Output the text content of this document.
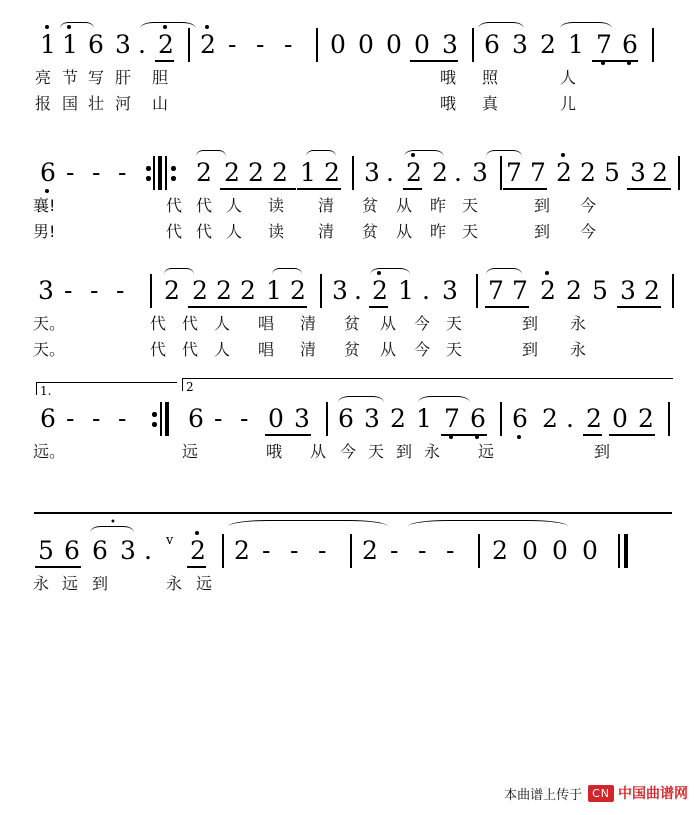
1 1 6 3 . 2 2 - - - 0 0 0 0 3 6 3 2 1 7 6
亮 节 写 肝 胆	哦 照	人
报 国 壮 河 山	哦 真	儿
6 - - -	2 2 2 2 1 2 3 . 2 2 . 3 7 7 2 2 5 3 2
襄!	代 代 人 读 清 贫 从 昨 天	到 今
男!	代 代 人 读 清 贫 从 昨 天	到 今
3 - - - 2 2 2 2 1 2 3 . 2 1 . 3 7 7 2 2 5 3 2
天。	代 代 人 唱 清 贫 从 今 天	到 永
天。	代 代 人 唱 清 贫 从 今 天	到 永
1.	2
6 - - - 6 - - 0 3 6 3 2 1 7 6 6 2 . 2 0 2
远。	远	哦 从 今 天 到 永 远	到
•
5 6 6 3 . v 2 2 - - - 2 - - - 2 0 0 0
永 远 到	永 远
本曲谱上传于 CN 中国曲谱网
